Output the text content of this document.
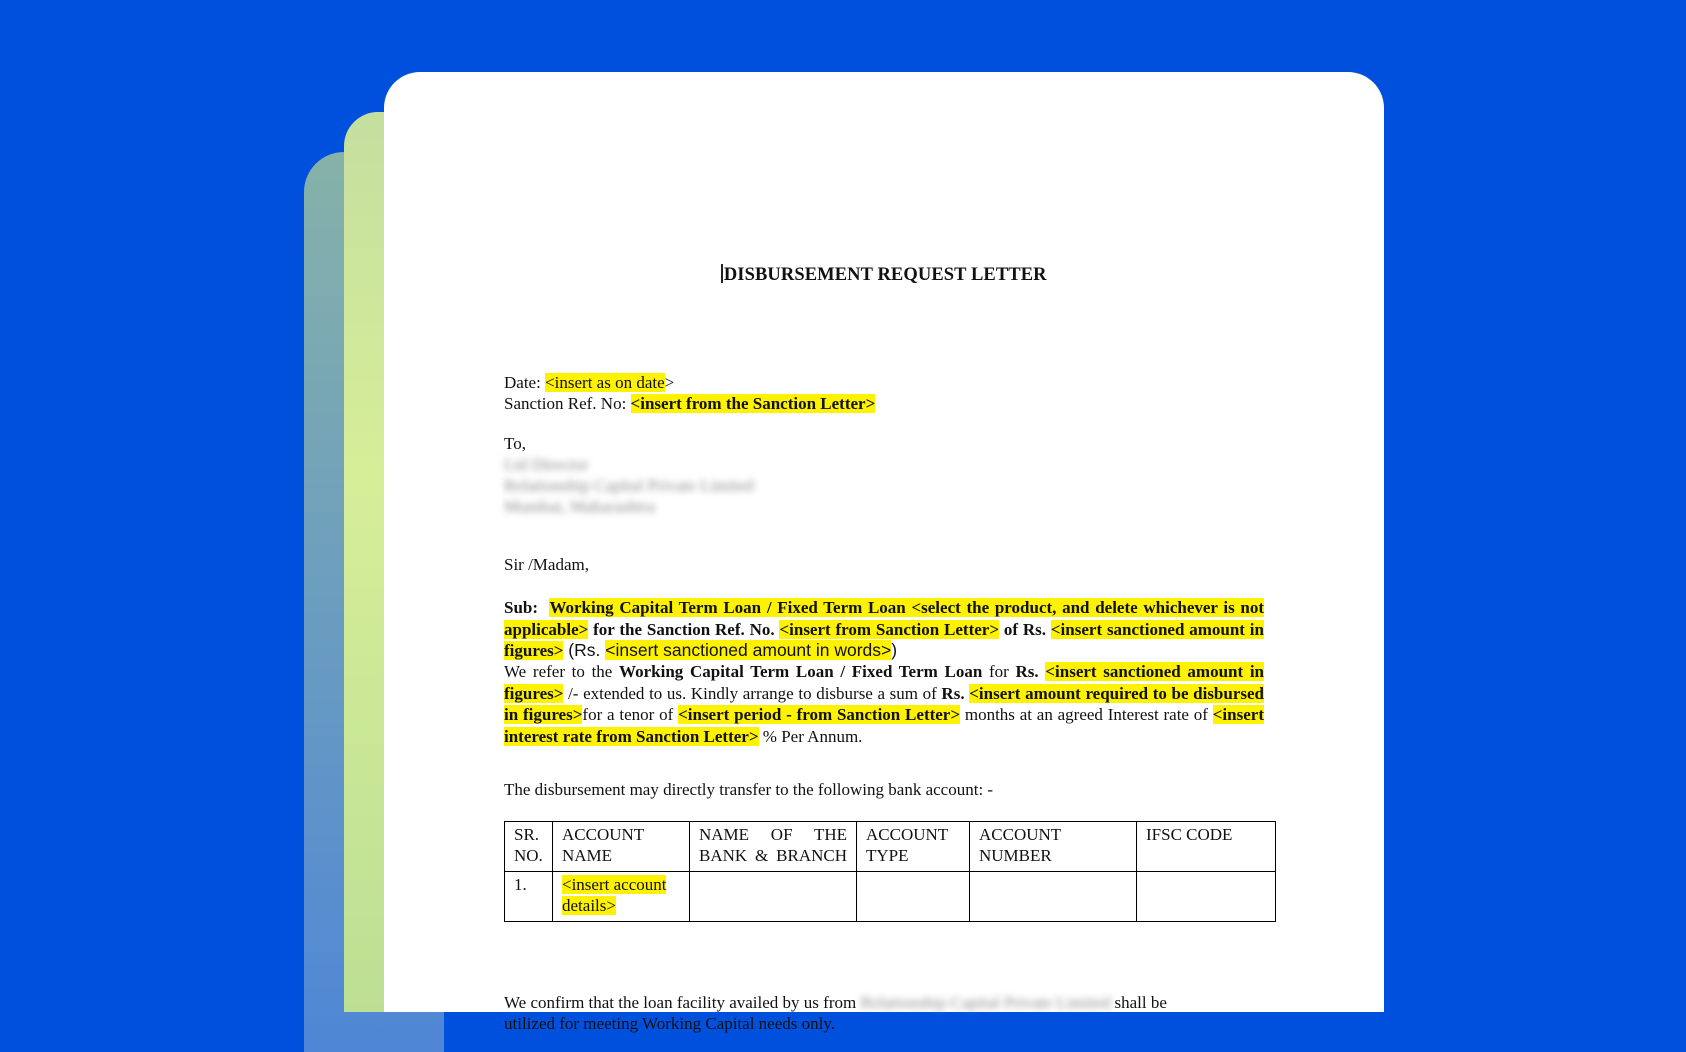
DISBURSEMENT REQUEST LETTER
Date: <insert as on date>
Sanction Ref. No: <insert from the Sanction Letter>
To,
Ltd Director
Relationship Capital Private Limited
Mumbai, Maharashtra
Sir /Madam,
Sub: Working Capital Term Loan / Fixed Term Loan <select the product, and delete whichever is not applicable> for the Sanction Ref. No. <insert from Sanction Letter> of Rs. <insert sanctioned amount in figures> (Rs. <insert sanctioned amount in words>)
We refer to the Working Capital Term Loan / Fixed Term Loan for Rs. <insert sanctioned amount in figures> /- extended to us. Kindly arrange to disburse a sum of Rs. <insert amount required to be disbursed in figures>for a tenor of <insert period - from Sanction Letter> months at an agreed Interest rate of <insert interest rate from Sanction Letter> % Per Annum.
The disbursement may directly transfer to the following bank account: -
SR. NO.	ACCOUNT NAME	NAME OF THE BANK & BRANCH	ACCOUNT TYPE	ACCOUNT NUMBER	IFSC CODE
1.	<insert account details>				
We confirm that the loan facility availed by us from Relationship Capital Private Limited shall be
utilized for meeting Working Capital needs only.
